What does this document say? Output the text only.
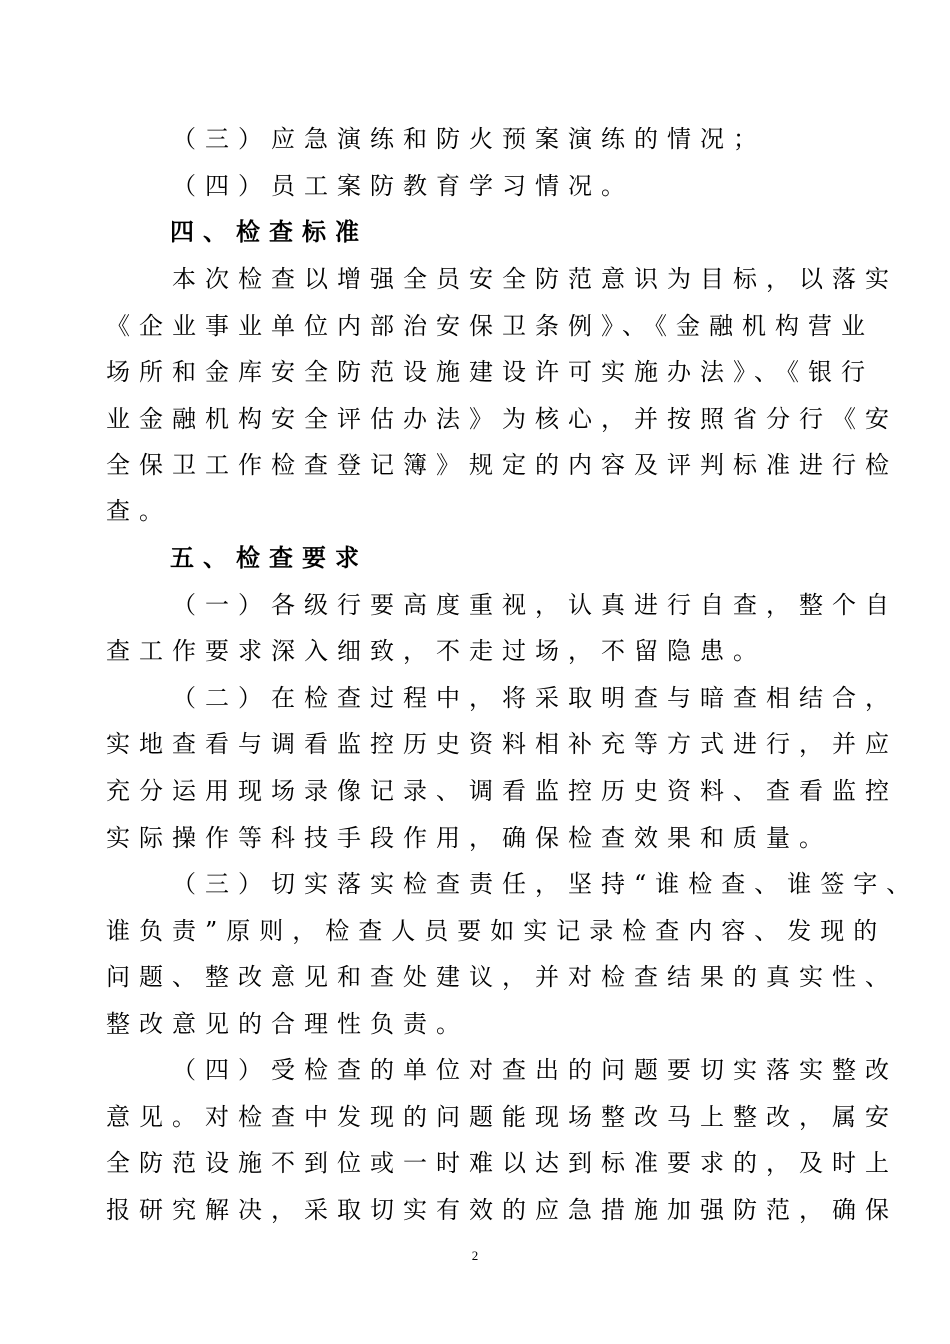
（三）应急演练和防火预案演练的情况；
（四）员工案防教育学习情况。
四、检查标准
本次检查以增强全员安全防范意识为目标，以落实
《企业事业单位内部治安保卫条例》、《金融机构营业
场所和金库安全防范设施建设许可实施办法》、《银行
业金融机构安全评估办法》为核心，并按照省分行《安
全保卫工作检查登记簿》规定的内容及评判标准进行检
查。
五、检查要求
（一）各级行要高度重视，认真进行自查，整个自
查工作要求深入细致，不走过场，不留隐患。
（二）在检查过程中，将采取明查与暗查相结合，
实地查看与调看监控历史资料相补充等方式进行，并应
充分运用现场录像记录、调看监控历史资料、查看监控
实际操作等科技手段作用，确保检查效果和质量。
（三）切实落实检查责任，坚持“谁检查、谁签字、
谁负责”原则，检查人员要如实记录检查内容、发现的
问题、整改意见和查处建议，并对检查结果的真实性、
整改意见的合理性负责。
（四）受检查的单位对查出的问题要切实落实整改
意见。对检查中发现的问题能现场整改马上整改，属安
全防范设施不到位或一时难以达到标准要求的，及时上
报研究解决，采取切实有效的应急措施加强防范，确保
2
